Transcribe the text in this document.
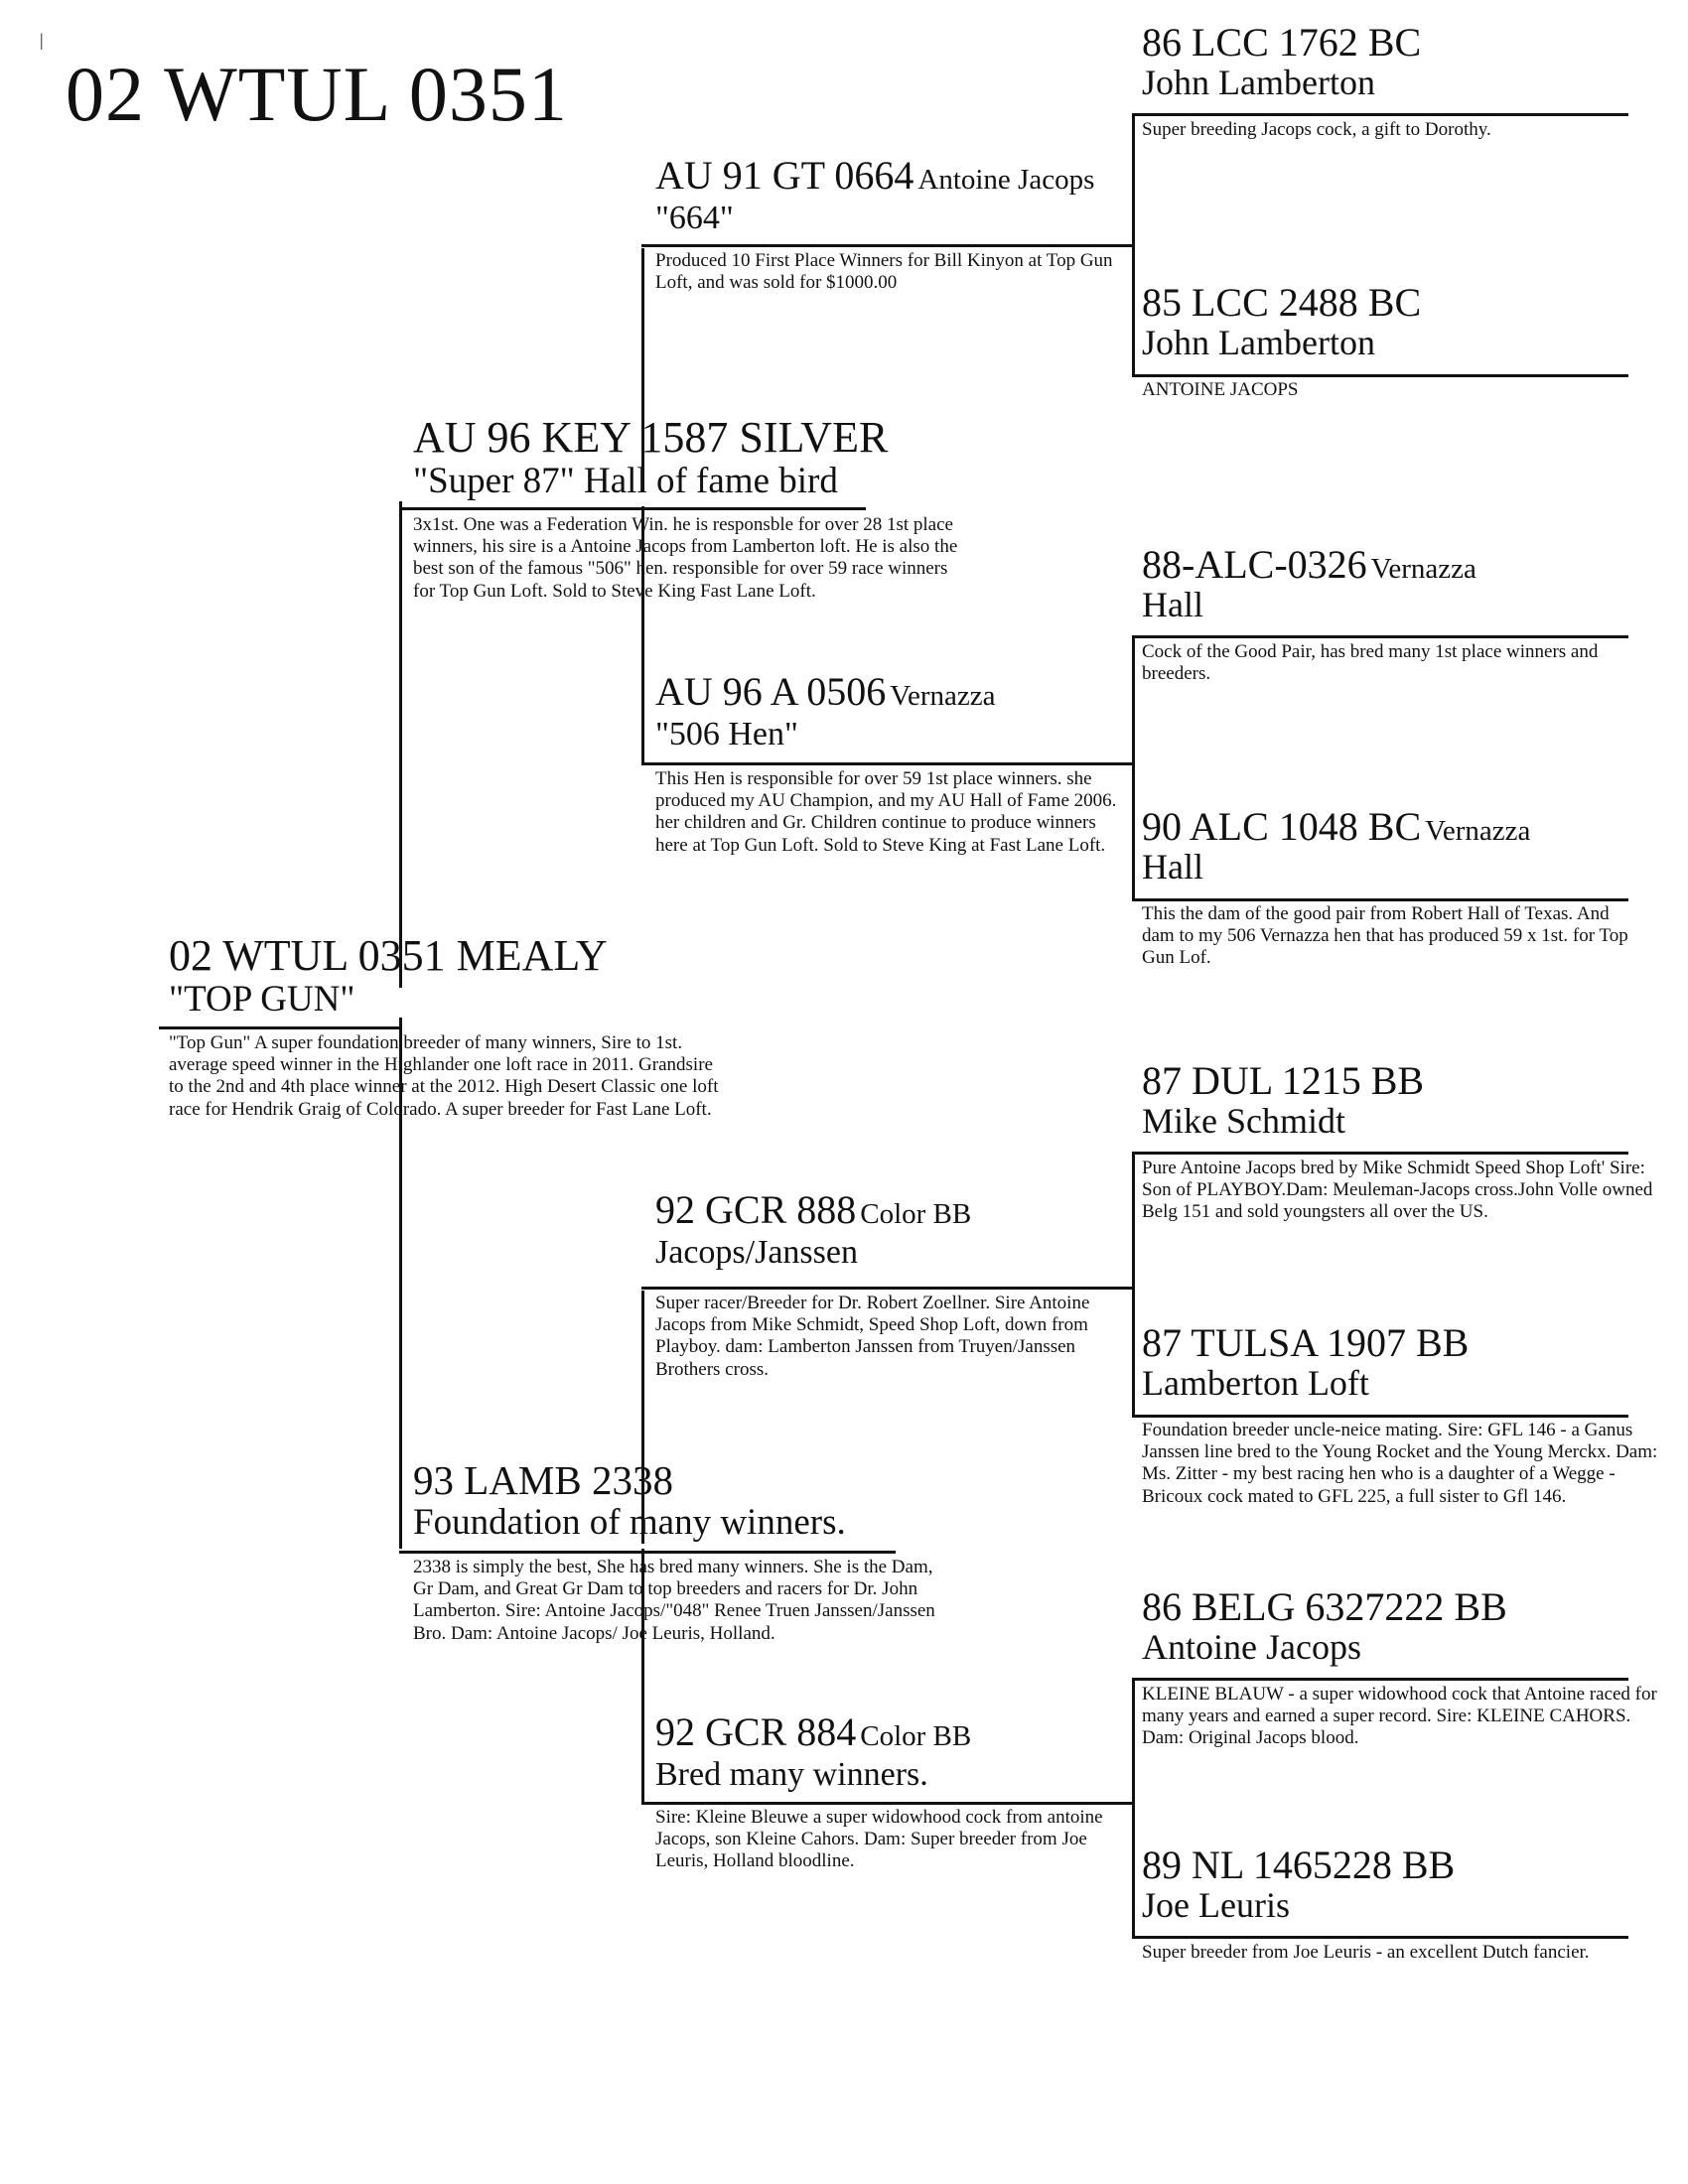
02 WTUL 0351
|
02 WTUL 0351 MEALY
"TOP GUN"
"Top Gun" A super foundation breeder of many winners, Sire to 1st. average speed winner in the Highlander one loft race in 2011. Grandsire to the 2nd and 4th place winner at the 2012. High Desert Classic one loft race for Hendrik Graig of Colorado. A super breeder for Fast Lane Loft.
AU 96 KEY 1587 SILVER
"Super 87" Hall of fame bird
3x1st. One was a Federation Win. he is responsble for over 28 1st place winners, his sire is a Antoine Jacops from Lamberton loft. He is also the best son of the famous "506" hen. responsible for over 59 race winners for Top Gun Loft. Sold to Steve King Fast Lane Loft.
93 LAMB 2338
Foundation of many winners.
2338 is simply the best, She has bred many winners. She is the Dam, Gr Dam, and Great Gr Dam to top breeders and racers for Dr. John Lamberton. Sire: Antoine Jacops/"048" Renee Truen Janssen/Janssen Bro. Dam: Antoine Jacops/ Joe Leuris, Holland.
AU 91 GT 0664 Antoine Jacops
"664"
Produced 10 First Place Winners for Bill Kinyon at Top Gun Loft, and was sold for $1000.00
AU 96 A 0506 Vernazza
"506 Hen"
This Hen is responsible for over 59 1st place winners. she produced my AU Champion, and my AU Hall of Fame 2006. her children and Gr. Children continue to produce winners here at Top Gun Loft. Sold to Steve King at Fast Lane Loft.
92 GCR 888 Color BB
Jacops/Janssen
Super racer/Breeder for Dr. Robert Zoellner. Sire Antoine Jacops from Mike Schmidt, Speed Shop Loft, down from Playboy. dam: Lamberton Janssen from Truyen/Janssen Brothers cross.
92 GCR 884 Color BB
Bred many winners.
Sire: Kleine Bleuwe a super widowhood cock from antoine Jacops, son Kleine Cahors. Dam: Super breeder from Joe Leuris, Holland bloodline.
86 LCC 1762 BC
John Lamberton
Super breeding Jacops cock, a gift to Dorothy.
85 LCC 2488 BC
John Lamberton
ANTOINE JACOPS
88-ALC-0326 Vernazza
Hall
Cock of the Good Pair, has bred many 1st place winners and breeders.
90 ALC 1048 BC Vernazza
Hall
This the dam of the good pair from Robert Hall of Texas. And dam to my 506 Vernazza hen that has produced 59 x 1st. for Top Gun Lof.
87 DUL 1215 BB
Mike Schmidt
Pure Antoine Jacops bred by Mike Schmidt Speed Shop Loft' Sire: Son of PLAYBOY.Dam: Meuleman-Jacops cross.John Volle owned Belg 151 and sold youngsters all over the US.
87 TULSA 1907 BB
Lamberton Loft
Foundation breeder uncle-neice mating. Sire: GFL 146 - a Ganus Janssen line bred to the Young Rocket and the Young Merckx. Dam: Ms. Zitter - my best racing hen who is a daughter of a Wegge - Bricoux cock mated to GFL 225, a full sister to Gfl 146.
86 BELG 6327222 BB
Antoine Jacops
KLEINE BLAUW - a super widowhood cock that Antoine raced for many years and earned a super record. Sire: KLEINE CAHORS. Dam: Original Jacops blood.
89 NL 1465228 BB
Joe Leuris
Super breeder from Joe Leuris - an excellent Dutch fancier.
